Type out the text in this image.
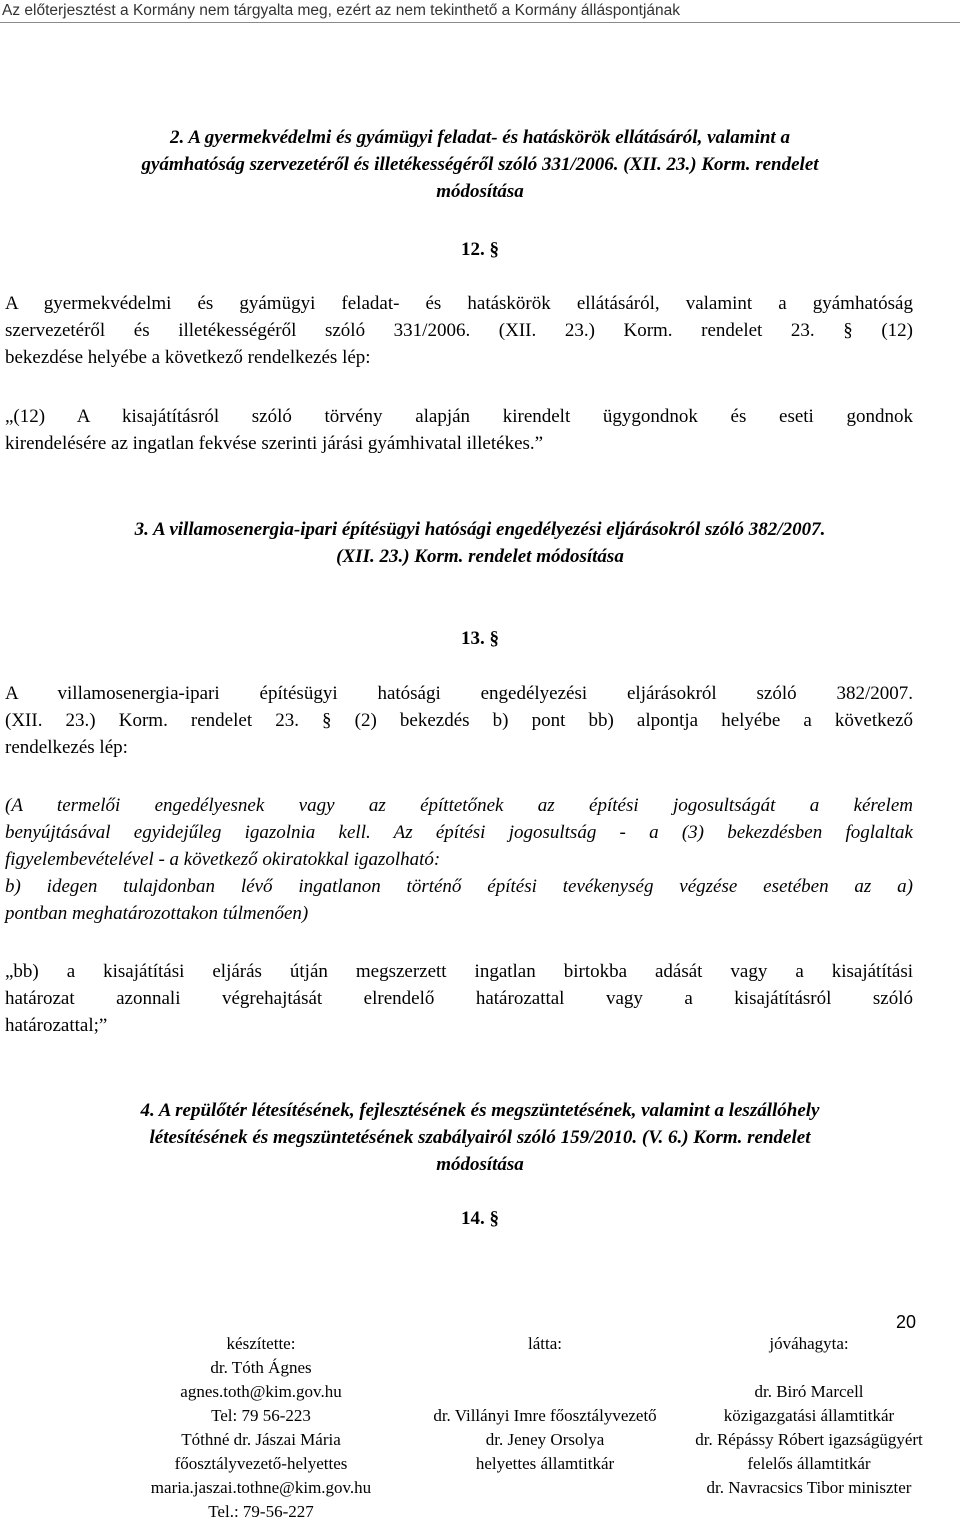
Az előterjesztést a Kormány nem tárgyalta meg, ezért az nem tekinthető a Kormány álláspontjának
2. A gyermekvédelmi és gyámügyi feladat- és hatáskörök ellátásáról, valamint a
gyámhatóság szervezetéről és illetékességéről szóló 331/2006. (XII. 23.) Korm. rendelet
módosítása
12. §
A gyermekvédelmi és gyámügyi feladat- és hatáskörök ellátásáról, valamint a gyámhatóság
szervezetéről és illetékességéről szóló 331/2006. (XII. 23.) Korm. rendelet 23. § (12)
bekezdése helyébe a következő rendelkezés lép:
„(12) A kisajátításról szóló törvény alapján kirendelt ügygondnok és eseti gondnok
kirendelésére az ingatlan fekvése szerinti járási gyámhivatal illetékes.”
3. A villamosenergia-ipari építésügyi hatósági engedélyezési eljárásokról szóló 382/2007.
(XII. 23.) Korm. rendelet módosítása
13. §
A villamosenergia-ipari építésügyi hatósági engedélyezési eljárásokról szóló 382/2007.
(XII. 23.) Korm. rendelet 23. § (2) bekezdés b) pont bb) alpontja helyébe a következő
rendelkezés lép:
(A termelői engedélyesnek vagy az építtetőnek az építési jogosultságát a kérelem
benyújtásával egyidejűleg igazolnia kell. Az építési jogosultság - a (3) bekezdésben foglaltak
figyelembevételével - a következő okiratokkal igazolható:
b) idegen tulajdonban lévő ingatlanon történő építési tevékenység végzése esetében az a)
pontban meghatározottakon túlmenően)
„bb) a kisajátítási eljárás útján megszerzett ingatlan birtokba adását vagy a kisajátítási
határozat azonnali végrehajtását elrendelő határozattal vagy a kisajátításról szóló
határozattal;”
4. A repülőtér létesítésének, fejlesztésének és megszüntetésének, valamint a leszállóhely
létesítésének és megszüntetésének szabályairól szóló 159/2010. (V. 6.) Korm. rendelet
módosítása
14. §
20
készítette:
dr. Tóth Ágnes
agnes.toth@kim.gov.hu
Tel: 79 56-223
Tóthné dr. Jászai Mária
főosztályvezető-helyettes
maria.jaszai.tothne@kim.gov.hu
Tel.: 79-56-227
látta:
dr. Villányi Imre főosztályvezető
dr. Jeney Orsolya
helyettes államtitkár
jóváhagyta:
dr. Biró Marcell
közigazgatási államtitkár
dr. Répássy Róbert igazságügyért
felelős államtitkár
dr. Navracsics Tibor miniszter
